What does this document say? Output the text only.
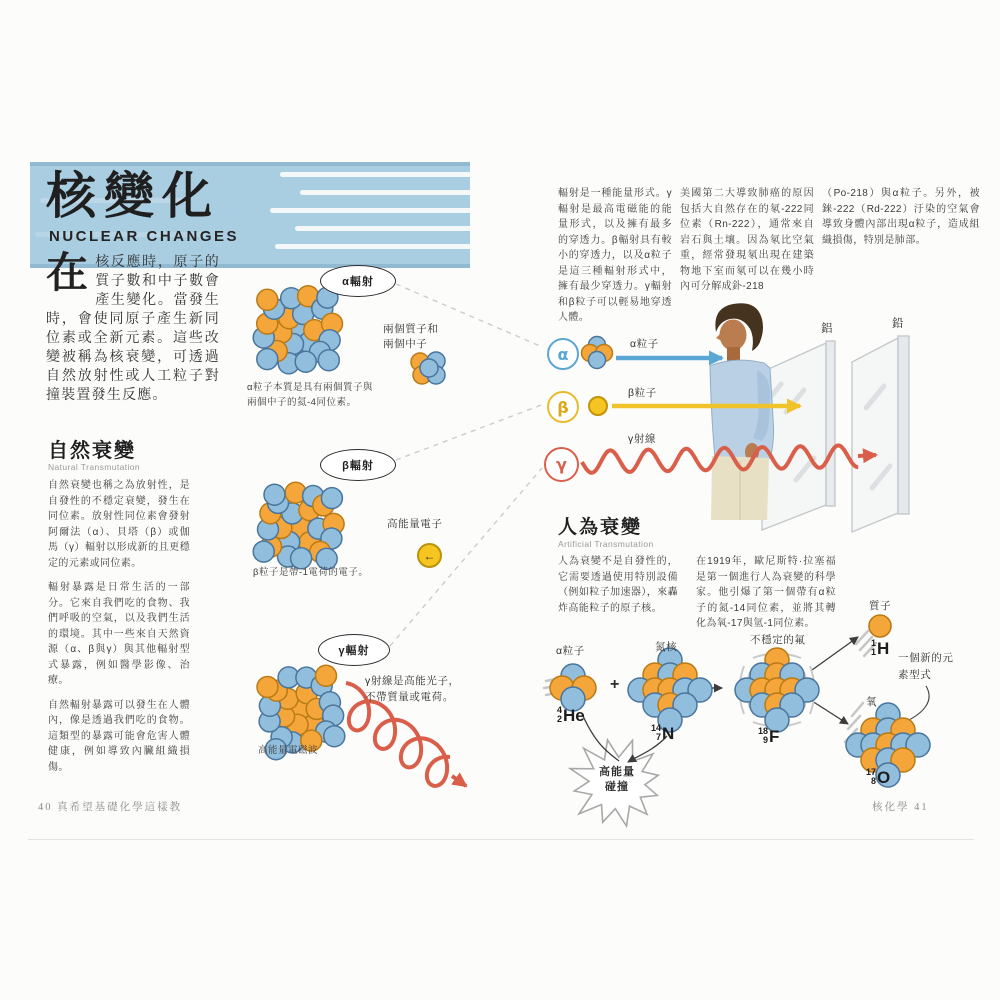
核變化
NUCLEAR CHANGES
在核反應時，原子的質子數和中子數會產生變化。當發生時，會使同原子產生新同位素或全新元素。這些改變被稱為核衰變，可透過自然放射性或人工粒子對撞裝置發生反應。
自然衰變
Natural Transmutation

自然衰變也稱之為放射性，是自發性的不穩定衰變，發生在同位素。放射性同位素會發射阿爾法（α）、貝塔（β）或伽馬（γ）輻射以形成新的且更穩定的元素或同位素。

輻射暴露是日常生活的一部分。它來自我們吃的食物、我們呼吸的空氣，以及我們生活的環境。其中一些來自天然資源（α、β與γ）與其他輻射型式暴露，例如醫學影像、治療。

自然輻射暴露可以發生在人體內，像是透過我們吃的食物。這類型的暴露可能會危害人體健康，例如導致內臟組織損傷。

α輻射
兩個質子和兩個中子
α粒子本質是具有兩個質子與兩個中子的氦-4同位素。
β輻射
高能量電子
←
β粒子是帶-1電荷的電子。
γ輻射
γ射線是高能光子，不帶質量或電荷。
高能量電磁波
輻射是一種能量形式。γ輻射是最高電磁能的能量形式，以及擁有最多的穿透力。β輻射具有較小的穿透力，以及α粒子是這三種輻射形式中，擁有最少穿透力。γ輻射和β粒子可以輕易地穿透人體。
美國第二大導致肺癌的原因包括大自然存在的氡-222同位素（Rn-222），通常來自岩石與土壤。因為氡比空氣重，經常發現氡出現在建築物地下室而氡可以在幾小時內可分解成釙-218
（Po-218）與α粒子。另外，被錸-222（Rd-222）汙染的空氣會導致身體內部出現α粒子，造成組織損傷，特別是肺部。
α
β
γ
α粒子
β粒子
γ射線
鋁	鉛
人為衰變
Artificial Transmutation
人為衰變不是自發性的，它需要透過使用特別設備（例如粒子加速器），來轟炸高能粒子的原子核。
在1919年，歐尼斯特·拉塞福是第一個進行人為衰變的科學家。他引爆了第一個帶有α粒子的氮-14同位素，並將其轉化為氧-17與氫-1同位素。
α粒子
4
2 He
+
氮核
14
7 N
不穩定的氟
18
9 F
質子
1
1 H 一個新的元素型式
氧
17
8 O
高能量碰撞
40 真希望基礎化學這樣教	核化學 41
